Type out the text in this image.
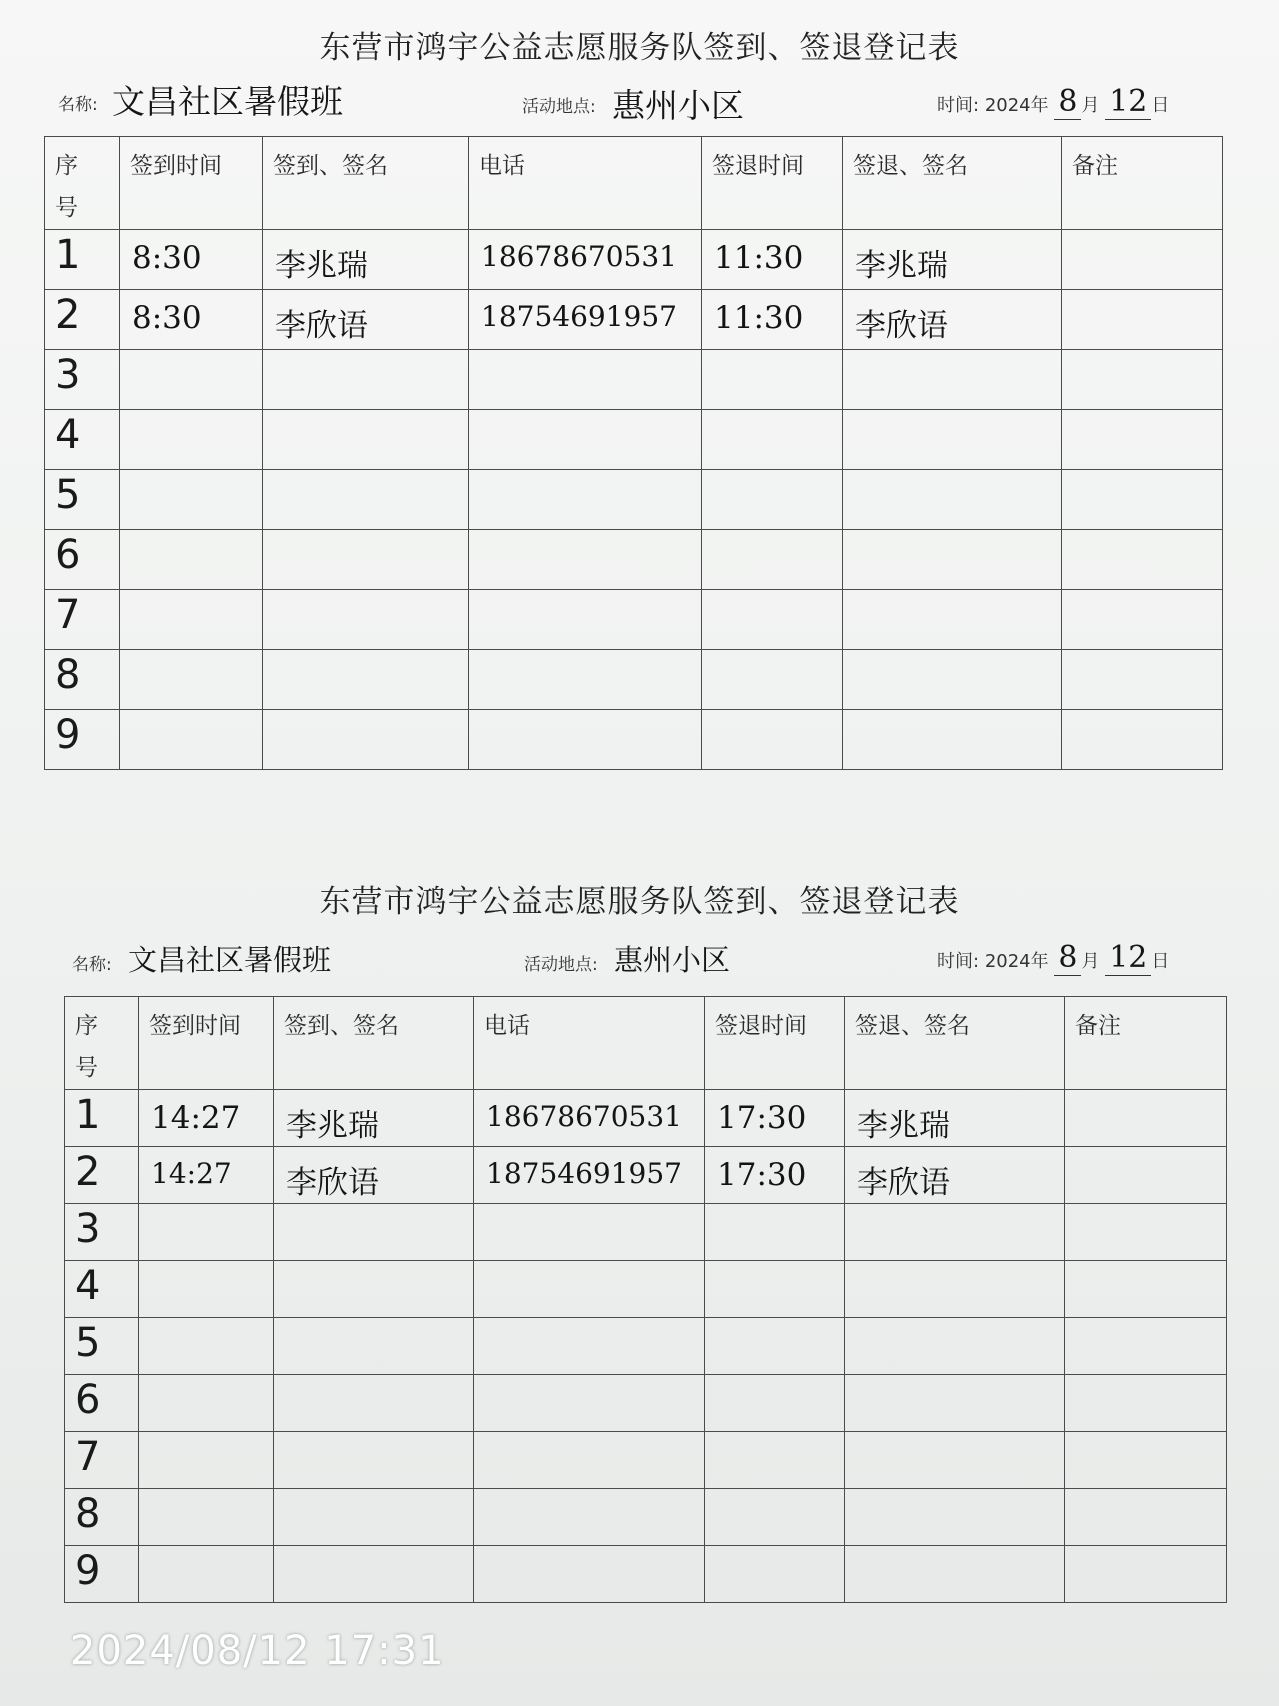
东营市鸿宇公益志愿服务队签到、签退登记表
名称: 文昌社区暑假班	活动地点: 惠州小区	时间: 2024年 8 月 12 日
序号	签到时间	签到、签名	电话	签退时间	签退、签名	备注

1	8:30	李兆瑞	18678670531	11:30	李兆瑞	

2	8:30	李欣语	18754691957	11:30	李欣语	

3						

4						

5						

6						

7						

8						

9						

东营市鸿宇公益志愿服务队签到、签退登记表
名称: 文昌社区暑假班	活动地点: 惠州小区	时间: 2024年 8 月 12 日
序号	签到时间	签到、签名	电话	签退时间	签退、签名	备注

1	14:27	李兆瑞	18678670531	17:30	李兆瑞	

2	14:27	李欣语	18754691957	17:30	李欣语	

3						

4						

5						

6						

7						

8						

9						

2024/08/12 17:31
